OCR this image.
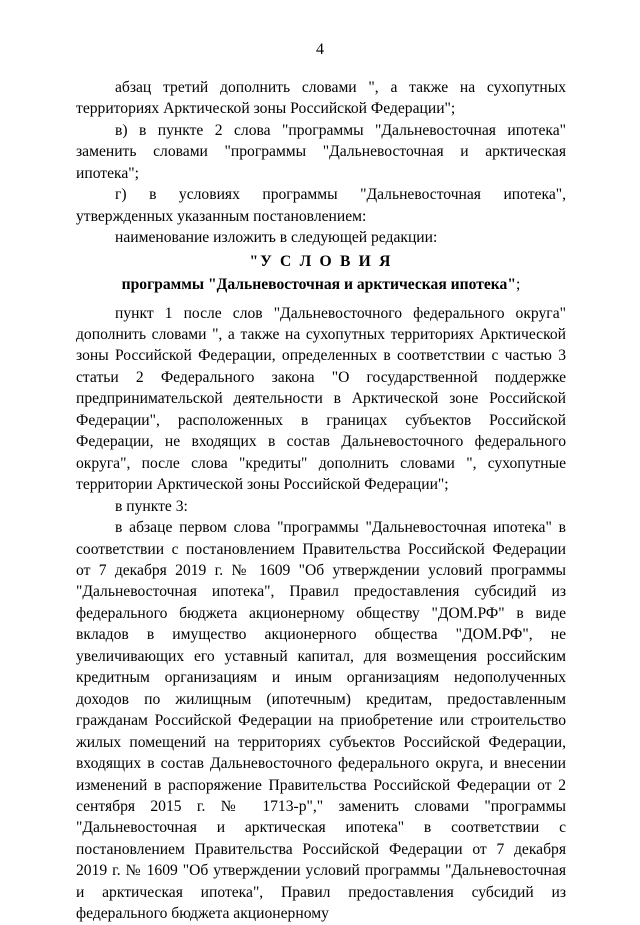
4

абзац третий дополнить словами ", а также на сухопутных территориях Арктической зоны Российской Федерации";

в) в пункте 2 слова "программы "Дальневосточная ипотека" заменить словами "программы "Дальневосточная и арктическая ипотека";

г) в условиях программы "Дальневосточная ипотека", утвержденных указанным постановлением:

наименование изложить в следующей редакции:

"У С Л О В И Я

программы "Дальневосточная и арктическая ипотека";

пункт 1 после слов "Дальневосточного федерального округа" дополнить словами ", а также на сухопутных территориях Арктической зоны Российской Федерации, определенных в соответствии с частью 3 статьи 2 Федерального закона "О государственной поддержке предпринимательской деятельности в Арктической зоне Российской Федерации", расположенных в границах субъектов Российской Федерации, не входящих в состав Дальневосточного федерального округа", после слова "кредиты" дополнить словами ", сухопутные территории Арктической зоны Российской Федерации";

в пункте 3:

в абзаце первом слова "программы "Дальневосточная ипотека" в соответствии с постановлением Правительства Российской Федерации от 7 декабря 2019 г. № 1609 "Об утверждении условий программы "Дальневосточная ипотека", Правил предоставления субсидий из федерального бюджета акционерному обществу "ДОМ.РФ" в виде вкладов в имущество акционерного общества "ДОМ.РФ", не увеличивающих его уставный капитал, для возмещения российским кредитным организациям и иным организациям недополученных доходов по жилищным (ипотечным) кредитам, предоставленным гражданам Российской Федерации на приобретение или строительство жилых помещений на территориях субъектов Российской Федерации, входящих в состав Дальневосточного федерального округа, и внесении изменений в распоряжение Правительства Российской Федерации от 2 сентября 2015 г. № 1713-р"," заменить словами "программы "Дальневосточная и арктическая ипотека" в соответствии с постановлением Правительства Российской Федерации от 7 декабря 2019 г. № 1609 "Об утверждении условий программы "Дальневосточная и арктическая ипотека", Правил предоставления субсидий из федерального бюджета акционерному
